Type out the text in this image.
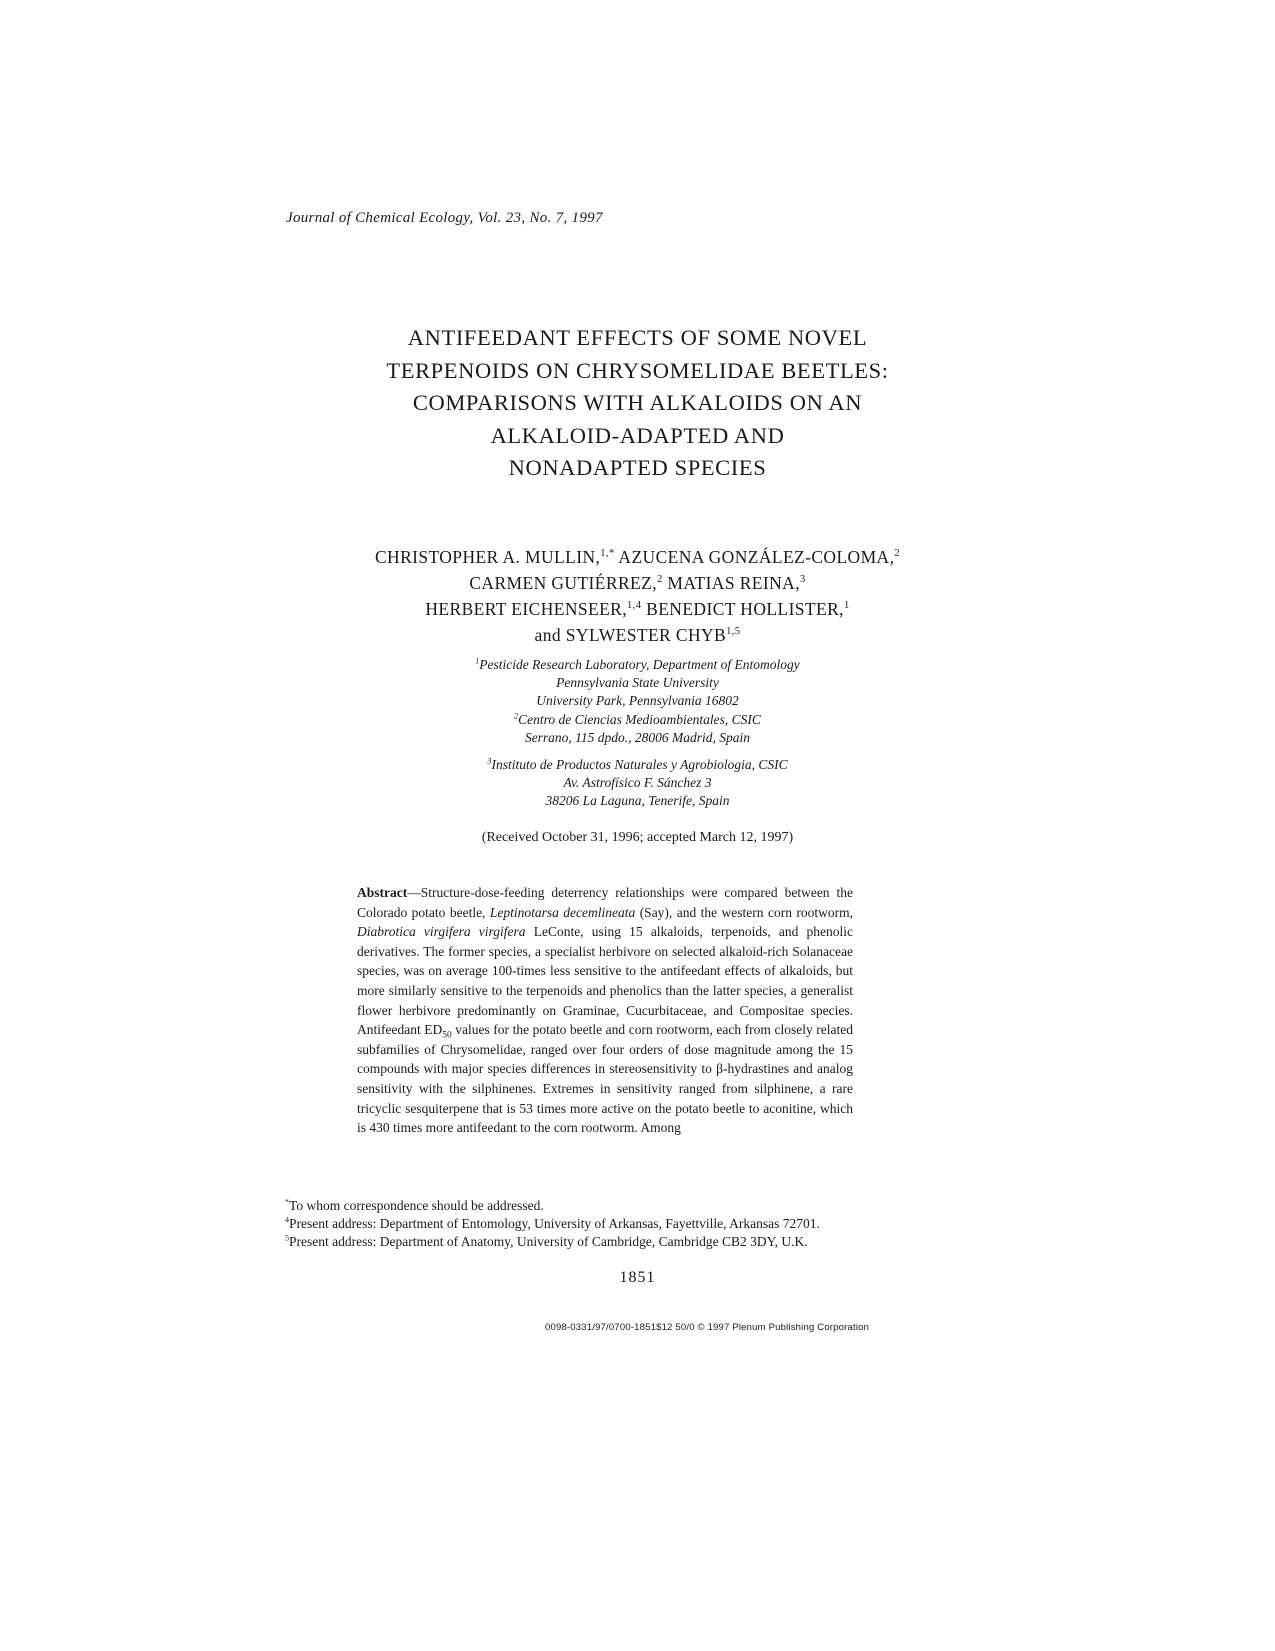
Journal of Chemical Ecology, Vol. 23, No. 7, 1997
ANTIFEEDANT EFFECTS OF SOME NOVEL
TERPENOIDS ON CHRYSOMELIDAE BEETLES:
COMPARISONS WITH ALKALOIDS ON AN
ALKALOID-ADAPTED AND
NONADAPTED SPECIES
CHRISTOPHER A. MULLIN,$^{1,*}$ AZUCENA GONZÁLEZ-COLOMA,$^2$
CARMEN GUTIÉRREZ,$^2$ MATIAS REINA,$^3$
HERBERT EICHENSEER,$^{1,4}$ BENEDICT HOLLISTER,$^1$
and SYLWESTER CHYB$^{1,5}$
$^1$Pesticide Research Laboratory, Department of Entomology
Pennsylvania State University
University Park, Pennsylvania 16802
$^2$Centro de Ciencias Medioambientales, CSIC
Serrano, 115 dpdo., 28006 Madrid, Spain
$^3$Instituto de Productos Naturales y Agrobiologia, CSIC
Av. Astrofísico F. Sánchez 3
38206 La Laguna, Tenerife, Spain
(Received October 31, 1996; accepted March 12, 1997)

Abstract—Structure-dose-feeding deterrency relationships were compared between the Colorado potato beetle, Leptinotarsa decemlineata (Say), and the western corn rootworm, Diabrotica virgifera virgifera LeConte, using 15 alkaloids, terpenoids, and phenolic derivatives. The former species, a specialist herbivore on selected alkaloid-rich Solanaceae species, was on average 100-times less sensitive to the antifeedant effects of alkaloids, but more similarly sensitive to the terpenoids and phenolics than the latter species, a generalist flower herbivore predominantly on Graminae, Cucurbitaceae, and Compositae species. Antifeedant $ED_{50}$ values for the potato beetle and corn rootworm, each from closely related subfamilies of Chrysomelidae, ranged over four orders of dose magnitude among the 15 compounds with major species differences in stereosensitivity to β-hydrastines and analog sensitivity with the silphinenes. Extremes in sensitivity ranged from silphinene, a rare tricyclic sesquiterpene that is 53 times more active on the potato beetle to aconitine, which is 430 times more antifeedant to the corn rootworm. Among

*To whom correspondence should be addressed.
$^4$Present address: Department of Entomology, University of Arkansas, Fayettville, Arkansas 72701.
$^5$Present address: Department of Anatomy, University of Cambridge, Cambridge CB2 3DY, U.K.
1851
0098-0331/97/0700-1851$12 50/0 © 1997 Plenum Publishing Corporation
